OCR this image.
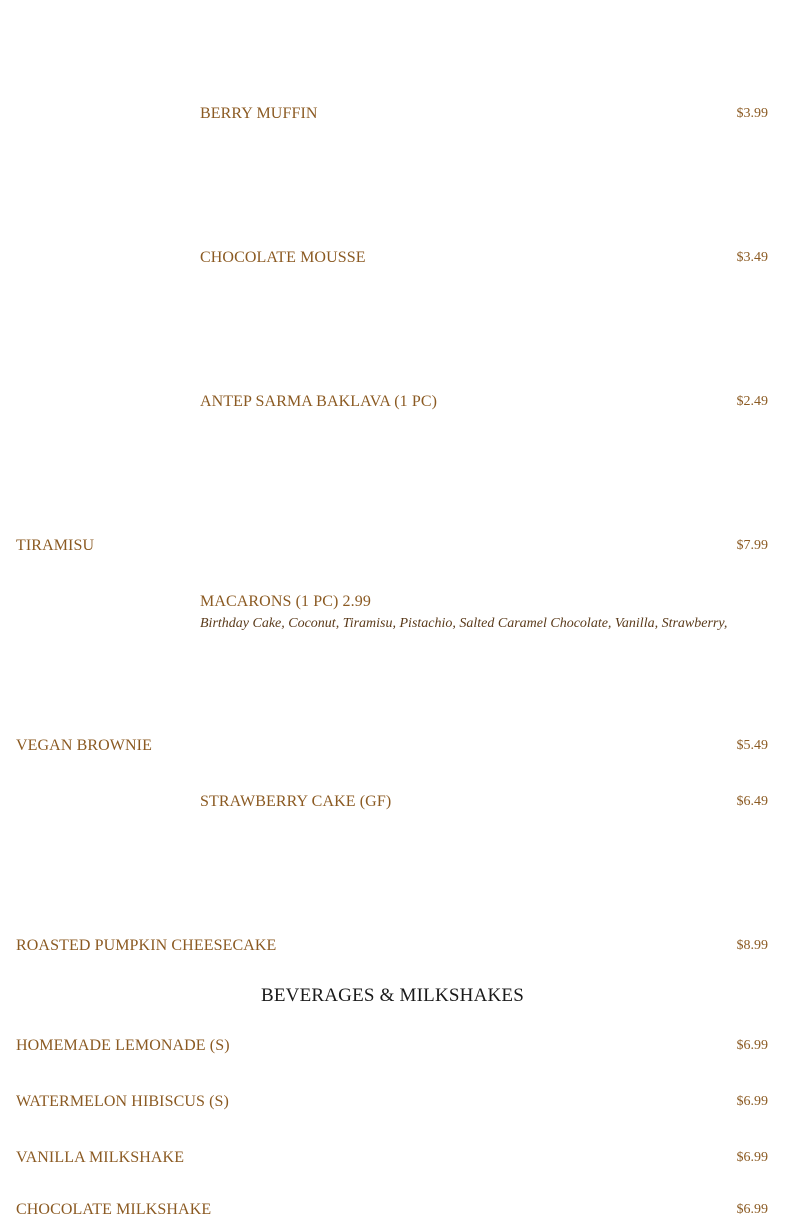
BERRY MUFFIN	$3.99
CHOCOLATE MOUSSE	$3.49
ANTEP SARMA BAKLAVA (1 PC)	$2.49
TIRAMISU	$7.99
MACARONS (1 PC) 2.99
Birthday Cake, Coconut, Tiramisu, Pistachio, Salted Caramel Chocolate, Vanilla, Strawberry,
VEGAN BROWNIE	$5.49
STRAWBERRY CAKE (GF)	$6.49
ROASTED PUMPKIN CHEESECAKE	$8.99
BEVERAGES & MILKSHAKES
HOMEMADE LEMONADE (S)	$6.99
WATERMELON HIBISCUS (S)	$6.99
VANILLA MILKSHAKE	$6.99
CHOCOLATE MILKSHAKE	$6.99
